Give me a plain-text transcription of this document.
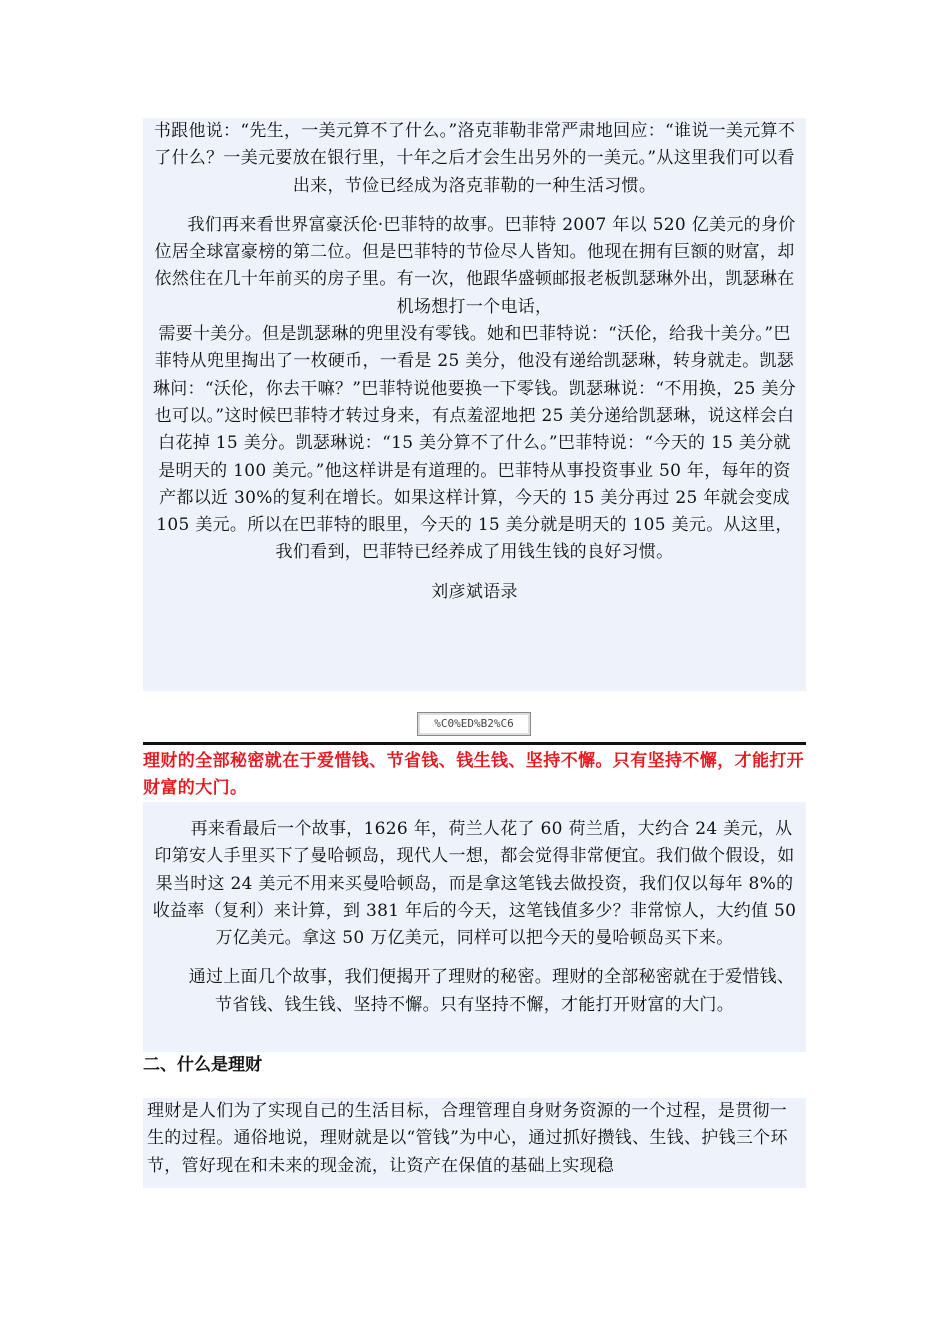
书跟他说：“先生，一美元算不了什么。”洛克菲勒非常严肃地回应：“谁说一美元算不了什么？一美元要放在银行里，十年之后才会生出另外的一美元。”从这里我们可以看出来，节俭已经成为洛克菲勒的一种生活习惯。

我们再来看世界富豪沃伦·巴菲特的故事。巴菲特 2007 年以 520 亿美元的身价位居全球富豪榜的第二位。但是巴菲特的节俭尽人皆知。他现在拥有巨额的财富，却依然住在几十年前买的房子里。有一次，他跟华盛顿邮报老板凯瑟琳外出，凯瑟琳在机场想打一个电话，

需要十美分。但是凯瑟琳的兜里没有零钱。她和巴菲特说：“沃伦，给我十美分。”巴菲特从兜里掏出了一枚硬币，一看是 25 美分，他没有递给凯瑟琳，转身就走。凯瑟琳问：“沃伦，你去干嘛？”巴菲特说他要换一下零钱。凯瑟琳说：“不用换，25 美分也可以。”这时候巴菲特才转过身来，有点羞涩地把 25 美分递给凯瑟琳，说这样会白白花掉 15 美分。凯瑟琳说：“15 美分算不了什么。”巴菲特说：“今天的 15 美分就是明天的 100 美元。”他这样讲是有道理的。巴菲特从事投资事业 50 年，每年的资产都以近 30%的复利在增长。如果这样计算，今天的 15 美分再过 25 年就会变成 105 美元。所以在巴菲特的眼里，今天的 15 美分就是明天的 105 美元。从这里，我们看到，巴菲特已经养成了用钱生钱的良好习惯。

刘彦斌语录

%C0%ED%B2%C6

理财的全部秘密就在于爱惜钱、节省钱、钱生钱、坚持不懈。只有坚持不懈，才能打开财富的大门。

再来看最后一个故事，1626 年，荷兰人花了 60 荷兰盾，大约合 24 美元，从印第安人手里买下了曼哈顿岛，现代人一想，都会觉得非常便宜。我们做个假设，如果当时这 24 美元不用来买曼哈顿岛，而是拿这笔钱去做投资，我们仅以每年 8%的收益率（复利）来计算，到 381 年后的今天，这笔钱值多少？非常惊人，大约值 50 万亿美元。拿这 50 万亿美元，同样可以把今天的曼哈顿岛买下来。

通过上面几个故事，我们便揭开了理财的秘密。理财的全部秘密就在于爱惜钱、节省钱、钱生钱、坚持不懈。只有坚持不懈，才能打开财富的大门。

二、什么是理财

理财是人们为了实现自己的生活目标，合理管理自身财务资源的一个过程，是贯彻一生的过程。通俗地说，理财就是以“管钱”为中心，通过抓好攒钱、生钱、护钱三个环节，管好现在和未来的现金流，让资产在保值的基础上实现稳
